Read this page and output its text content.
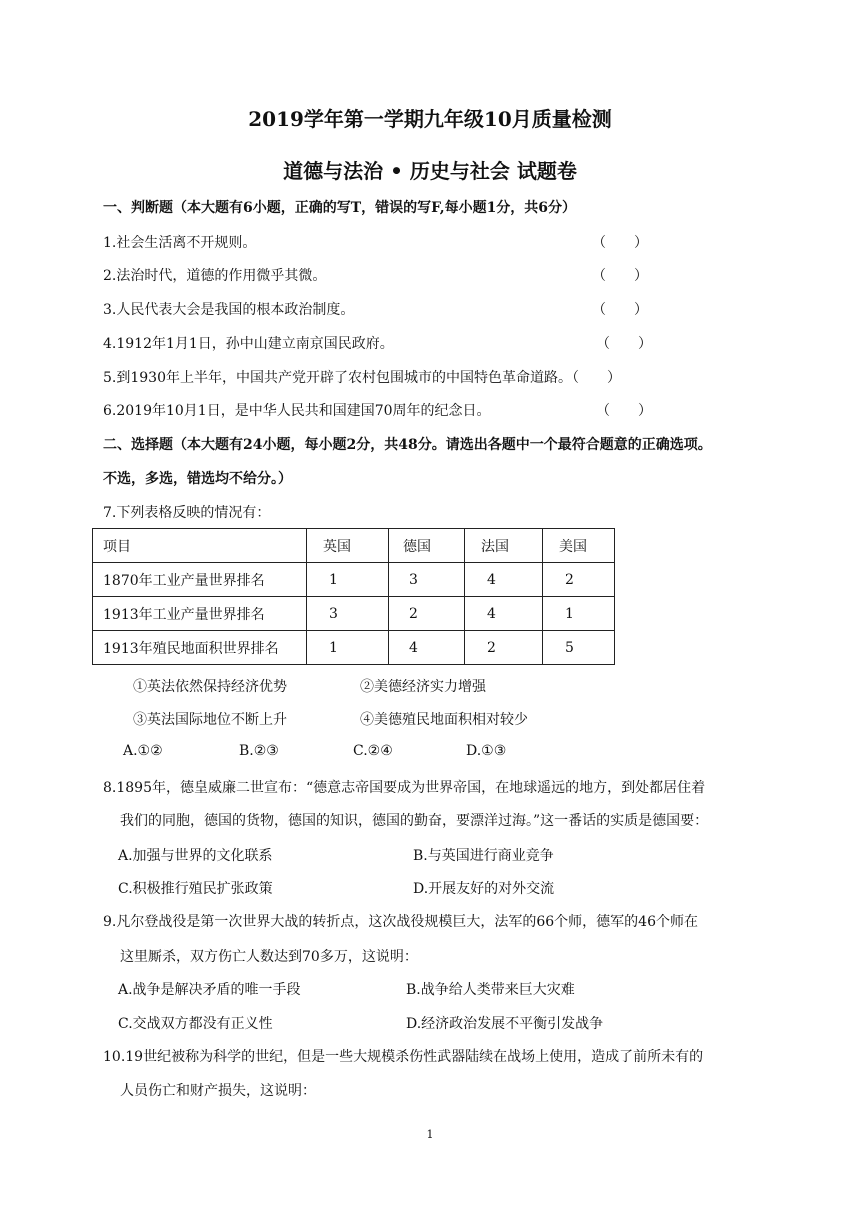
2019学年第一学期九年级10月质量检测
道德与法治 • 历史与社会 试题卷
一、判断题（本大题有6小题，正确的写T，错误的写F,每小题1分，共6分）
1.社会生活离不开规则。	（　　）
2.法治时代，道德的作用微乎其微。	（　　）
3.人民代表大会是我国的根本政治制度。	（　　）
4.1912年1月1日，孙中山建立南京国民政府。	（　　）
5.到1930年上半年，中国共产党开辟了农村包围城市的中国特色革命道路。（　　）
6.2019年10月1日，是中华人民共和国建国70周年的纪念日。	（　　）
二、选择题（本大题有24小题，每小题2分，共48分。请选出各题中一个最符合题意的正确选项。
不选，多选，错选均不给分。）
7.下列表格反映的情况有：
项目	英国	德国	法国	美国
1870年工业产量世界排名	1	3	4	2
1913年工业产量世界排名	3	2	4	1
1913年殖民地面积世界排名	1	4	2	5
①英法依然保持经济优势	②美德经济实力增强
③英法国际地位不断上升	④美德殖民地面积相对较少
A.①②	B.②③	C.②④	D.①③
8.1895年，德皇威廉二世宣布：“德意志帝国要成为世界帝国，在地球遥远的地方，到处都居住着
我们的同胞，德国的货物，德国的知识，德国的勤奋，要漂洋过海。”这一番话的实质是德国要：
A.加强与世界的文化联系	B.与英国进行商业竞争
C.积极推行殖民扩张政策	D.开展友好的对外交流
9.凡尔登战役是第一次世界大战的转折点，这次战役规模巨大，法军的66个师，德军的46个师在
这里厮杀，双方伤亡人数达到70多万，这说明：
A.战争是解决矛盾的唯一手段	B.战争给人类带来巨大灾难
C.交战双方都没有正义性	D.经济政治发展不平衡引发战争
10.19世纪被称为科学的世纪，但是一些大规模杀伤性武器陆续在战场上使用，造成了前所未有的
人员伤亡和财产损失，这说明：
1
